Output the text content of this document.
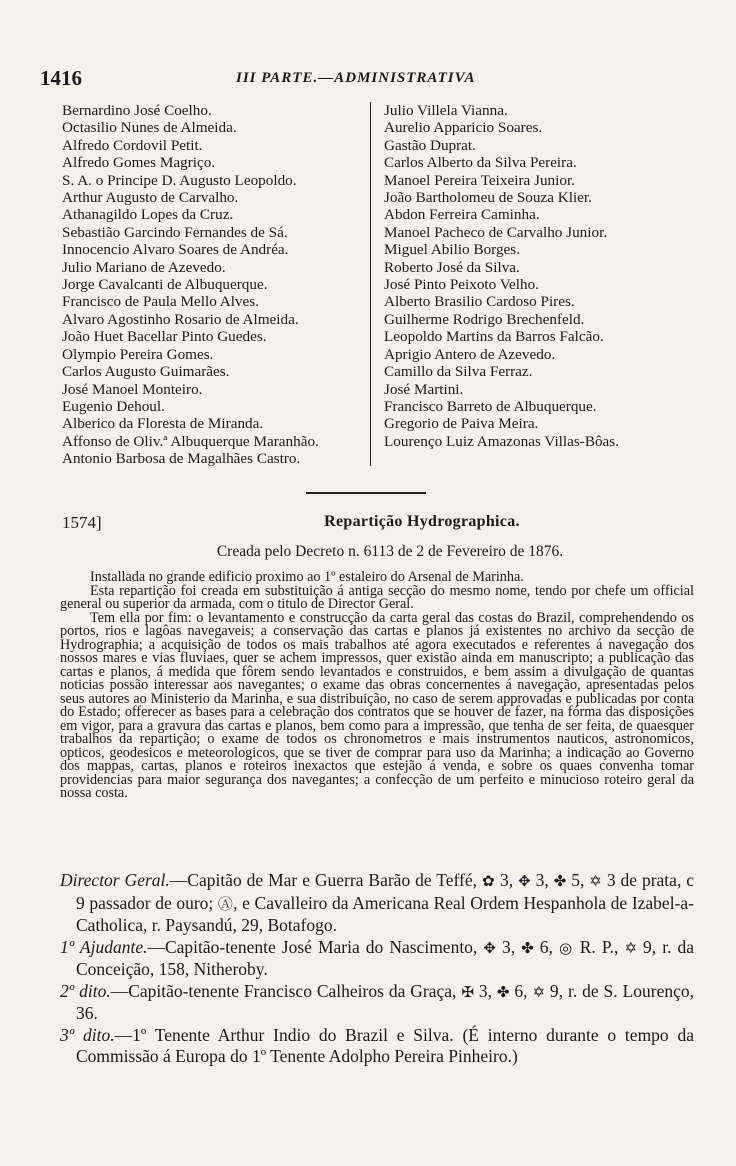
1416	III PARTE.—ADMINISTRATIVA
Bernardino José Coelho.
Octasilio Nunes de Almeida.
Alfredo Cordovil Petit.
Alfredo Gomes Magriço.
S. A. o Principe D. Augusto Leopoldo.
Arthur Augusto de Carvalho.
Athanagildo Lopes da Cruz.
Sebastião Garcindo Fernandes de Sá.
Innocencio Alvaro Soares de Andréa.
Julio Mariano de Azevedo.
Jorge Cavalcanti de Albuquerque.
Francisco de Paula Mello Alves.
Alvaro Agostinho Rosario de Almeida.
João Huet Bacellar Pinto Guedes.
Olympio Pereira Gomes.
Carlos Augusto Guimarães.
José Manoel Monteiro.
Eugenio Dehoul.
Alberico da Floresta de Miranda.
Affonso de Oliv.ª Albuquerque Maranhão.
Antonio Barbosa de Magalhães Castro.
Julio Villela Vianna.
Aurelio Apparicio Soares.
Gastão Duprat.
Carlos Alberto da Silva Pereira.
Manoel Pereira Teixeira Junior.
João Bartholomeu de Souza Klier.
Abdon Ferreira Caminha.
Manoel Pacheco de Carvalho Junior.
Miguel Abilio Borges.
Roberto José da Silva.
José Pinto Peixoto Velho.
Alberto Brasilio Cardoso Pires.
Guilherme Rodrigo Brechenfeld.
Leopoldo Martins da Barros Falcão.
Aprigio Antero de Azevedo.
Camillo da Silva Ferraz.
José Martini.
Francisco Barreto de Albuquerque.
Gregorio de Paiva Meira.
Lourenço Luiz Amazonas Villas-Bôas.
1574]	Repartição Hydrographica.
Creada pelo Decreto n. 6113 de 2 de Fevereiro de 1876.

Installada no grande edificio proximo ao 1º estaleiro do Arsenal de Marinha.

Esta repartição foi creada em substituição á antiga secção do mesmo nome, tendo por chefe um official general ou superior da armada, com o titulo de Director Geral.

Tem ella por fim: o levantamento e construcção da carta geral das costas do Brazil, comprehendendo os portos, rios e lagôas navegaveis; a conservação das cartas e planos já existentes no archivo da secção de Hydrographia; a acquisição de todos os mais trabalhos até agora executados e referentes á navegação dos nossos mares e vias fluviaes, quer se achem impressos, quer existão ainda em manuscripto; a publicação das cartas e planos, á medida que fôrem sendo levantados e construidos, e bem assim a divulgação de quantas noticias possão interessar aos navegantes; o exame das obras concernentes á navegação, apresentadas pelos seus autores ao Ministerio da Marinha, e sua distribuição, no caso de serem approvadas e publicadas por conta do Estado; offerecer as bases para a celebração dos contratos que se houver de fazer, na fórma das disposições em vigor, para a gravura das cartas e planos, bem como para a impressão, que tenha de ser feita, de quaesquer trabalhos da repartição; o exame de todos os chronometros e mais instrumentos nauticos, astronomicos, opticos, geodesicos e meteorologicos, que se tiver de comprar para uso da Marinha; a indicação ao Governo dos mappas, cartas, planos e roteiros inexactos que estejão á venda, e sobre os quaes convenha tomar providencias para maior segurança dos navegantes; a confecção de um perfeito e minucioso roteiro geral da nossa costa.

Director Geral.—Capitão de Mar e Guerra Barão de Teffé, ✿ 3, ✥ 3, ✤ 5, ✡ 3 de prata, c 9 passador de ouro; Ⓐ, e Cavalleiro da Americana Real Ordem Hespanhola de Izabel-a-Catholica, r. Paysandú, 29, Botafogo.

1º Ajudante.—Capitão-tenente José Maria do Nascimento, ✥ 3, ✤ 6, ◎ R. P., ✡ 9, r. da Conceição, 158, Nitheroby.

2º dito.—Capitão-tenente Francisco Calheiros da Graça, ✠ 3, ✤ 6, ✡ 9, r. de S. Lourenço, 36.

3º dito.—1º Tenente Arthur Indio do Brazil e Silva. (É interno durante o tempo da Commissão á Europa do 1º Tenente Adolpho Pereira Pinheiro.)
